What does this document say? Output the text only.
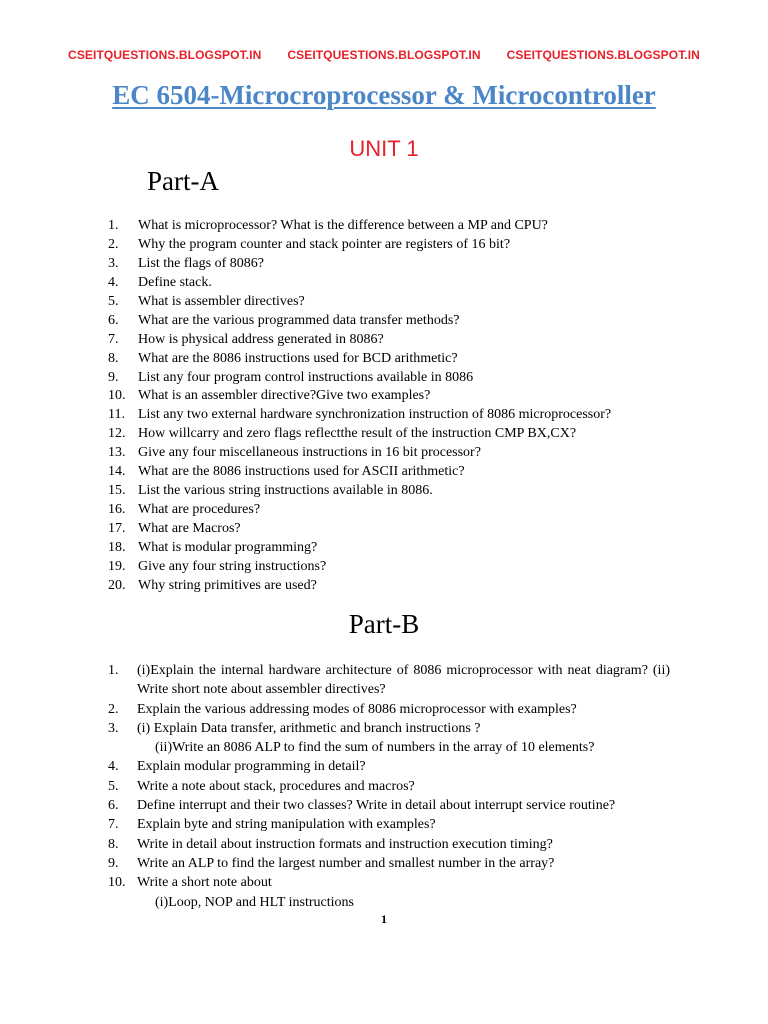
CSEITQUESTIONS.BLOGSPOT.IN CSEITQUESTIONS.BLOGSPOT.IN CSEITQUESTIONS.BLOGSPOT.IN
EC 6504-Microcroprocessor & Microcontroller
UNIT 1
Part-A
1.	What is microprocessor? What is the difference between a MP and CPU?
2.	Why the program counter and stack pointer are registers of 16 bit?
3.	List the flags of 8086?
4.	Define stack.
5.	What is assembler directives?
6.	What are the various programmed data transfer methods?
7.	How is physical address generated in 8086?
8.	What are the 8086 instructions used for BCD arithmetic?
9.	List any four program control instructions available in 8086
10. What is an assembler directive?Give two examples?
11. List any two external hardware synchronization instruction of 8086 microprocessor?
12. How willcarry and zero flags reflectthe result of the instruction CMP BX,CX?
13. Give any four miscellaneous instructions in 16 bit processor?
14. What are the 8086 instructions used for ASCII arithmetic?
15. List the various string instructions available in 8086.
16. What are procedures?
17. What are Macros?
18. What is modular programming?
19. Give any four string instructions?
20. Why string primitives are used?
Part-B
1.	(i)Explain the internal hardware architecture of 8086 microprocessor with neat diagram? (ii) Write short note about assembler directives?
2.	Explain the various addressing modes of 8086 microprocessor with examples?
3.	(i) Explain Data transfer, arithmetic and branch instructions ?
(ii)Write an 8086 ALP to find the sum of numbers in the array of 10 elements?
4.	Explain modular programming in detail?
5.	Write a note about stack, procedures and macros?
6.	Define interrupt and their two classes? Write in detail about interrupt service routine?
7.	Explain byte and string manipulation with examples?
8.	Write in detail about instruction formats and instruction execution timing?
9.	Write an ALP to find the largest number and smallest number in the array?
10. Write a short note about
(i)Loop, NOP and HLT instructions
1
